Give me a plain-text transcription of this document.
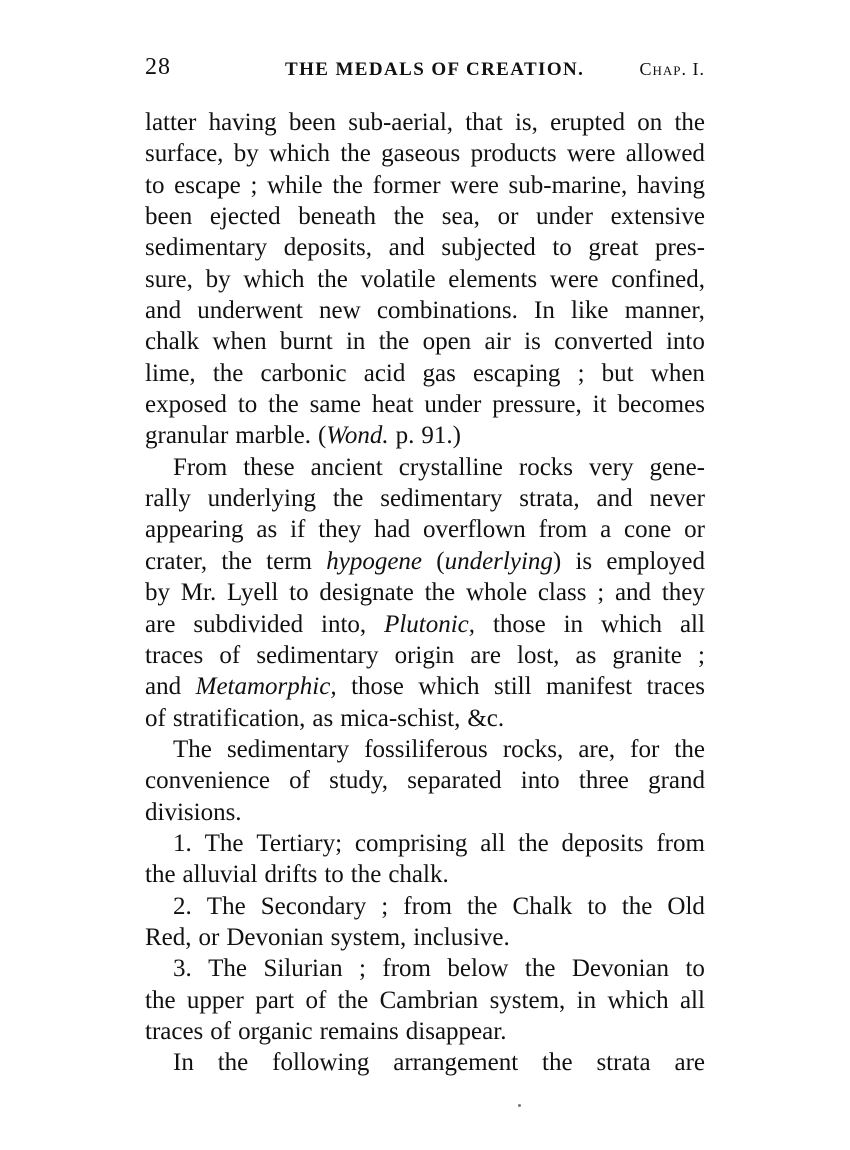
28	THE MEDALS OF CREATION.	Chap. I.
latter having been sub-aerial, that is, erupted on the
surface, by which the gaseous products were allowed
to escape ; while the former were sub-marine, having
been ejected beneath the sea, or under extensive
sedimentary deposits, and subjected to great pres-
sure, by which the volatile elements were confined,
and underwent new combinations. In like manner,
chalk when burnt in the open air is converted into
lime, the carbonic acid gas escaping ; but when
exposed to the same heat under pressure, it becomes
granular marble. (Wond. p. 91.)
From these ancient crystalline rocks very gene-
rally underlying the sedimentary strata, and never
appearing as if they had overflown from a cone or
crater, the term hypogene (underlying) is employed
by Mr. Lyell to designate the whole class ; and they
are subdivided into, Plutonic, those in which all
traces of sedimentary origin are lost, as granite ;
and Metamorphic, those which still manifest traces
of stratification, as mica-schist, &c.
The sedimentary fossiliferous rocks, are, for the
convenience of study, separated into three grand
divisions.
1. The Tertiary; comprising all the deposits from
the alluvial drifts to the chalk.
2. The Secondary ; from the Chalk to the Old
Red, or Devonian system, inclusive.
3. The Silurian ; from below the Devonian to
the upper part of the Cambrian system, in which all
traces of organic remains disappear.
In the following arrangement the strata are
